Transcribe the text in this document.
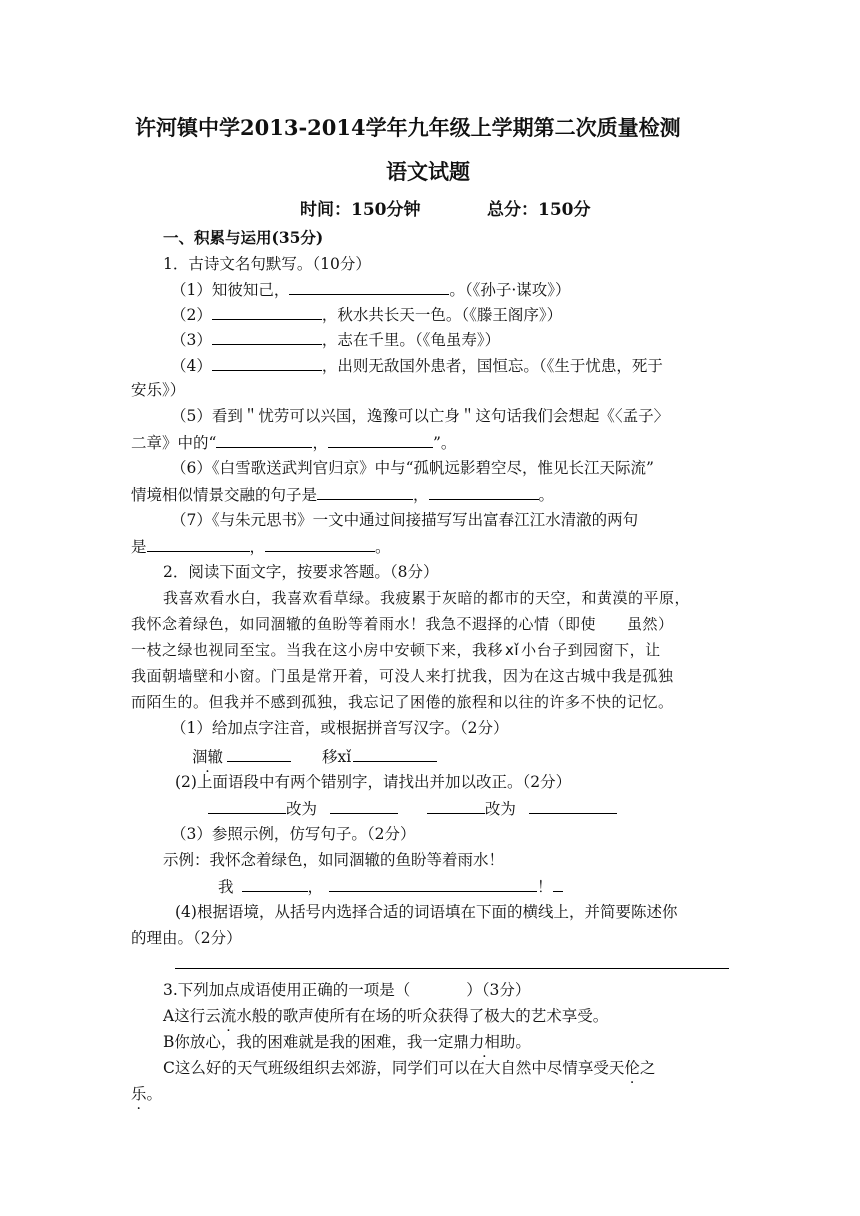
许河镇中学2013-2014学年九年级上学期第二次质量检测
语文试题
时间：150分钟	总分：150分
一、积累与运用(35分)
1．古诗文名句默写。（10分）
（1）知彼知己，	。（《孙子·谋攻》）
（2）	，秋水共长天一色。（《滕王阁序》）
（3）	，志在千里。（《龟虽寿》）
（4）	，出则无敌国外患者，国恒忘。（《生于忧患，死于
安乐》）
（5）看到＂忧劳可以兴国，逸豫可以亡身＂这句话我们会想起《〈孟子〉
二章》中的“	，	”。
（6）《白雪歌送武判官归京》中与“孤帆远影碧空尽，惟见长江天际流”
情境相似情景交融的句子是	，	。
（7）《与朱元思书》一文中通过间接描写写出富春江江水清澈的两句
是	，	。
2．阅读下面文字，按要求答题。（8分）
我喜欢看水白，我喜欢看草绿。我疲累于灰暗的都市的天空，和黄漠的平原，
我怀念着绿色，如同涸辙的鱼盼等着雨水！我急不遐择的心情（即使　　虽然）
一枝之绿也视同至宝。当我在这小房中安顿下来，我移 xǐ 小台子到园窗下，让
我面朝墙壁和小窗。门虽是常开着，可没人来打扰我，因为在这古城中我是孤独
而陌生的。但我并不感到孤独，我忘记了困倦的旅程和以往的许多不快的记忆。
（1）给加点字注音，或根据拼音写汉字。（2分）
涸辙	移xǐ
(2)上面语段中有两个错别字，请找出并加以改正。（2分）
改为	改为
（3）参照示例，仿写句子。（2分）
示例：我怀念着绿色，如同涸辙的鱼盼等着雨水！
我	，	！
(4)根据语境，从括号内选择合适的词语填在下面的横线上，并简要陈述你
的理由。（2分）
3.下列加点成语使用正确的一项是（	）（3分）
A这行云流水般的歌声使所有在场的听众获得了极大的艺术享受。
B你放心，我的困难就是我的困难，我一定鼎力相助。
C这么好的天气班级组织去郊游，同学们可以在大自然中尽情享受天伦之
乐。
